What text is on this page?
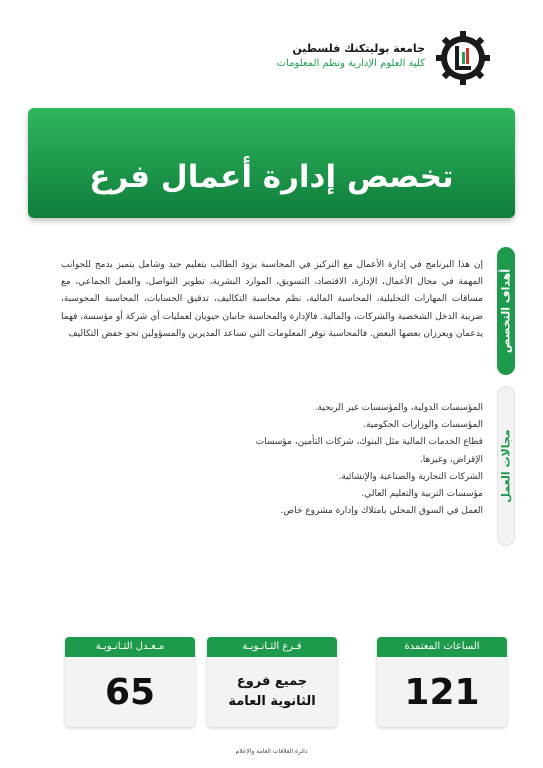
جامعة بوليتكنك فلسطين
كلية العلوم الإدارية ونظم المعلومات
تخصص إدارة أعمال فرع محاسبة	أهداف التخصص
مجالات العمل

إن هذا البرنامج في إدارة الأعمال مع التركيز في المحاسبة يزود الطالب بتعليم جيد وشامل يتميز بدمج للجوانب المهمة في مجال الأعمال، الإدارة، الاقتصاد، التسويق، الموارد البشرية، تطوير التواصل، والعمل الجماعي، مع مساقات المهارات التحليلية، المحاسبة المالية، نظم محاسبة التكاليف، تدقيق الحسابات، المحاسبة المحوسبة، ضريبة الدخل الشخصية والشركات، والمالية. فالإدارة والمحاسبة جانبان حيويان لعمليات أي شركة أو مؤسسة، فهما يدعمان ويعززان بعضها البعض. فالمحاسبة توفر المعلومات التي تساعد المديرين والمسؤولين نحو خفض التكاليف

المؤسسات الدولية، والمؤسسات غير الربحية.
المؤسسات والوزارات الحكومية.
قطاع الخدمات المالية مثل البنوك، شركات التأمين، مؤسسات الإقراض، وغيرها.
الشركات التجارية والصناعية والإنشائية.
مؤسسات التربية والتعليم العالي.
العمل في السوق المحلي بامتلاك وإدارة مشروع خاص.
الساعات المعتمدة
121
فـرع الثـانـويـة
جميع فروع
الثانوية العامة
مـعـدل الثـانـويـة
65
دائرة العلاقات العامة والإعلام
